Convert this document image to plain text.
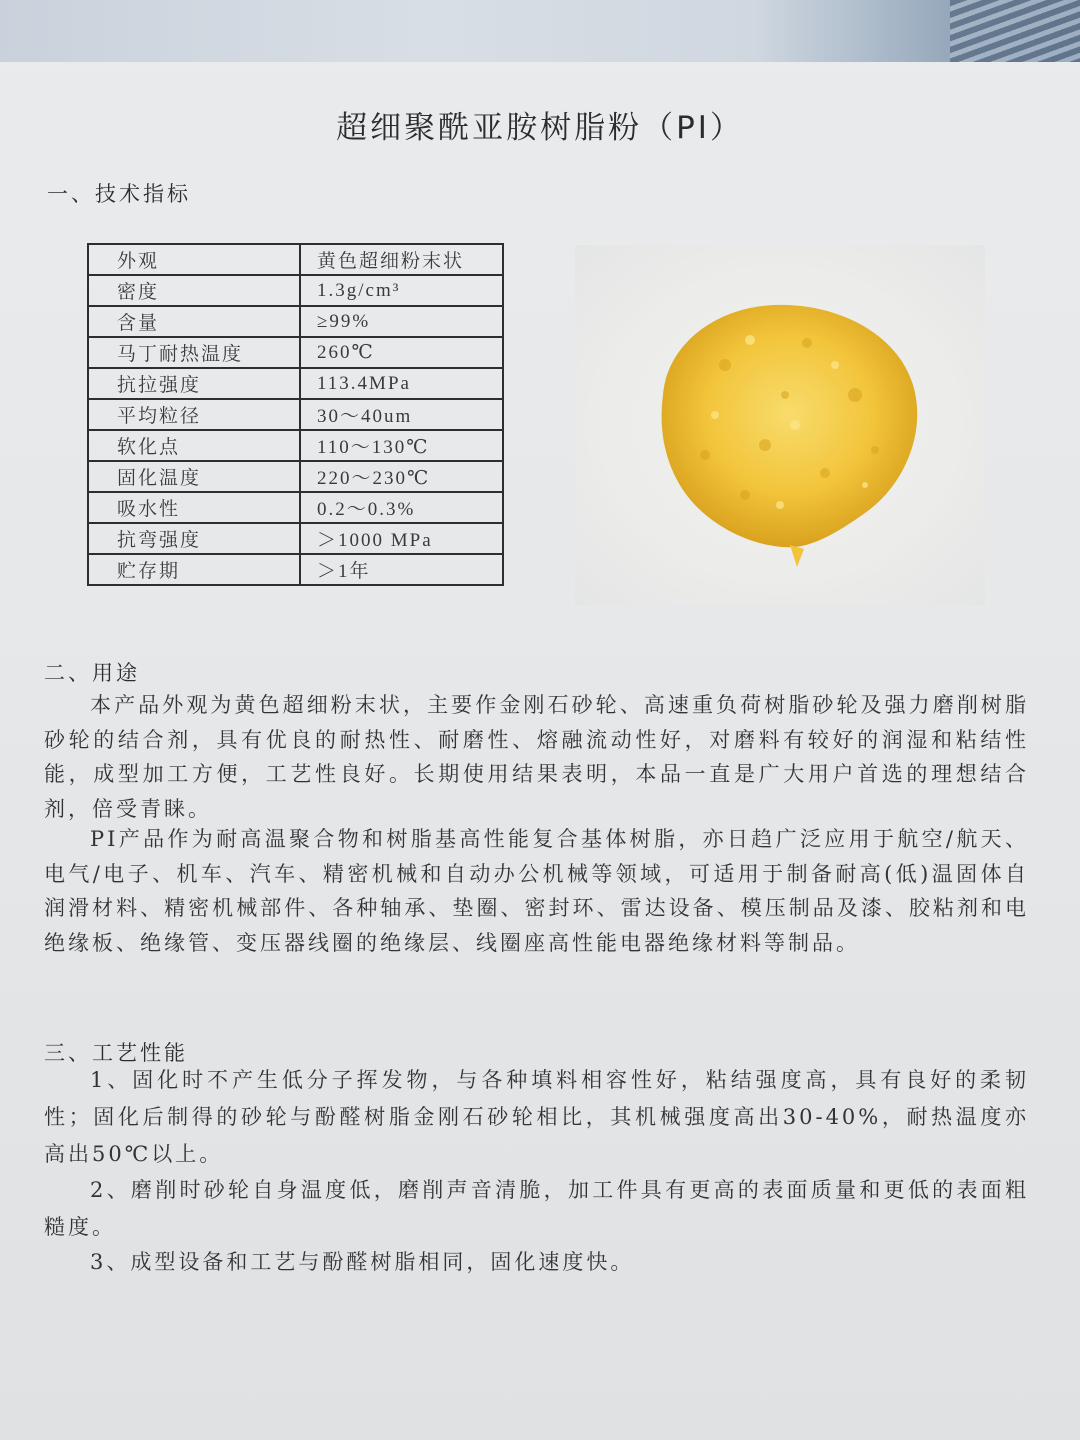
超细聚酰亚胺树脂粉（PI）
一、技术指标
外观	黄色超细粉末状
密度	1.3g/cm³
含量	≥99%
马丁耐热温度	260℃
抗拉强度	113.4MPa
平均粒径	30～40um
软化点	110～130℃
固化温度	220～230℃
吸水性	0.2～0.3%
抗弯强度	＞1000 MPa
贮存期	＞1年
二、用途

本产品外观为黄色超细粉末状，主要作金刚石砂轮、高速重负荷树脂砂轮及强力磨削树脂砂轮的结合剂，具有优良的耐热性、耐磨性、熔融流动性好，对磨料有较好的润湿和粘结性能，成型加工方便，工艺性良好。长期使用结果表明，本品一直是广大用户首选的理想结合剂，倍受青睐。

PI产品作为耐高温聚合物和树脂基高性能复合基体树脂，亦日趋广泛应用于航空/航天、电气/电子、机车、汽车、精密机械和自动办公机械等领域，可适用于制备耐高(低)温固体自润滑材料、精密机械部件、各种轴承、垫圈、密封环、雷达设备、模压制品及漆、胶粘剂和电绝缘板、绝缘管、变压器线圈的绝缘层、线圈座高性能电器绝缘材料等制品。

三、工艺性能

1、固化时不产生低分子挥发物，与各种填料相容性好，粘结强度高，具有良好的柔韧性；固化后制得的砂轮与酚醛树脂金刚石砂轮相比，其机械强度高出30-40%，耐热温度亦高出50℃以上。

2、磨削时砂轮自身温度低，磨削声音清脆，加工件具有更高的表面质量和更低的表面粗糙度。

3、成型设备和工艺与酚醛树脂相同，固化速度快。
